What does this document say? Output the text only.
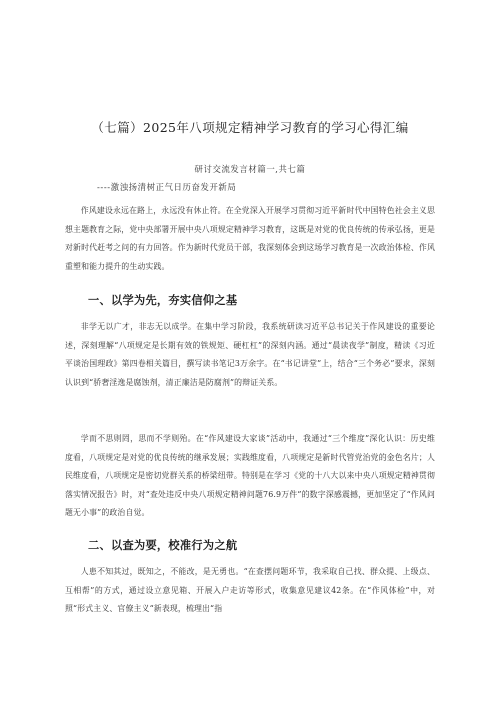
（七篇）2025年八项规定精神学习教育的学习心得汇编
研讨交流发言材篇一,共七篇
----激浊扬清树正气日历奋发开新局

作风建设永远在路上，永远没有休止符。在全党深入开展学习贯彻习近平新时代中国特色社会主义思想主题教育之际，党中央部署开展中央八项规定精神学习教育，这既是对党的优良传统的传承弘扬，更是对新时代赶考之问的有力回答。作为新时代党员干部，我深刻体会到这场学习教育是一次政治体检、作风重塑和能力提升的生动实践。

一、以学为先，夯实信仰之基

非学无以广才，非志无以成学。在集中学习阶段，我系统研读习近平总书记关于作风建设的重要论述，深刻理解“八项规定是长期有效的铁规矩、硬杠杠”的深刻内涵。通过“晨读夜学”制度，精读《习近平谈治国理政》第四卷相关篇目，撰写读书笔记3万余字。在“书记讲堂”上，结合“三个务必”要求，深刻认识到“骄奢淫逸是腐蚀剂，清正廉洁是防腐剂”的辩证关系。

学而不思则罔，思而不学则殆。在“作风建设大家谈”活动中，我通过“三个维度”深化认识：历史维度看，八项规定是对党的优良传统的继承发展；实践维度看，八项规定是新时代管党治党的金色名片；人民维度看，八项规定是密切党群关系的桥梁纽带。特别是在学习《党的十八大以来中央八项规定精神贯彻落实情况报告》时，对“查处违反中央八项规定精神问题76.9万件”的数字深感震撼，更加坚定了“作风问题无小事”的政治自觉。

二、以查为要，校准行为之航

人患不知其过，既知之，不能改，是无勇也。“在查摆问题环节，我采取自己找、群众提、上级点、互相帮”的方式，通过设立意见箱、开展入户走访等形式，收集意见建议42条。在“作风体检”中，对照“形式主义、官僚主义“新表现，梳理出“指
